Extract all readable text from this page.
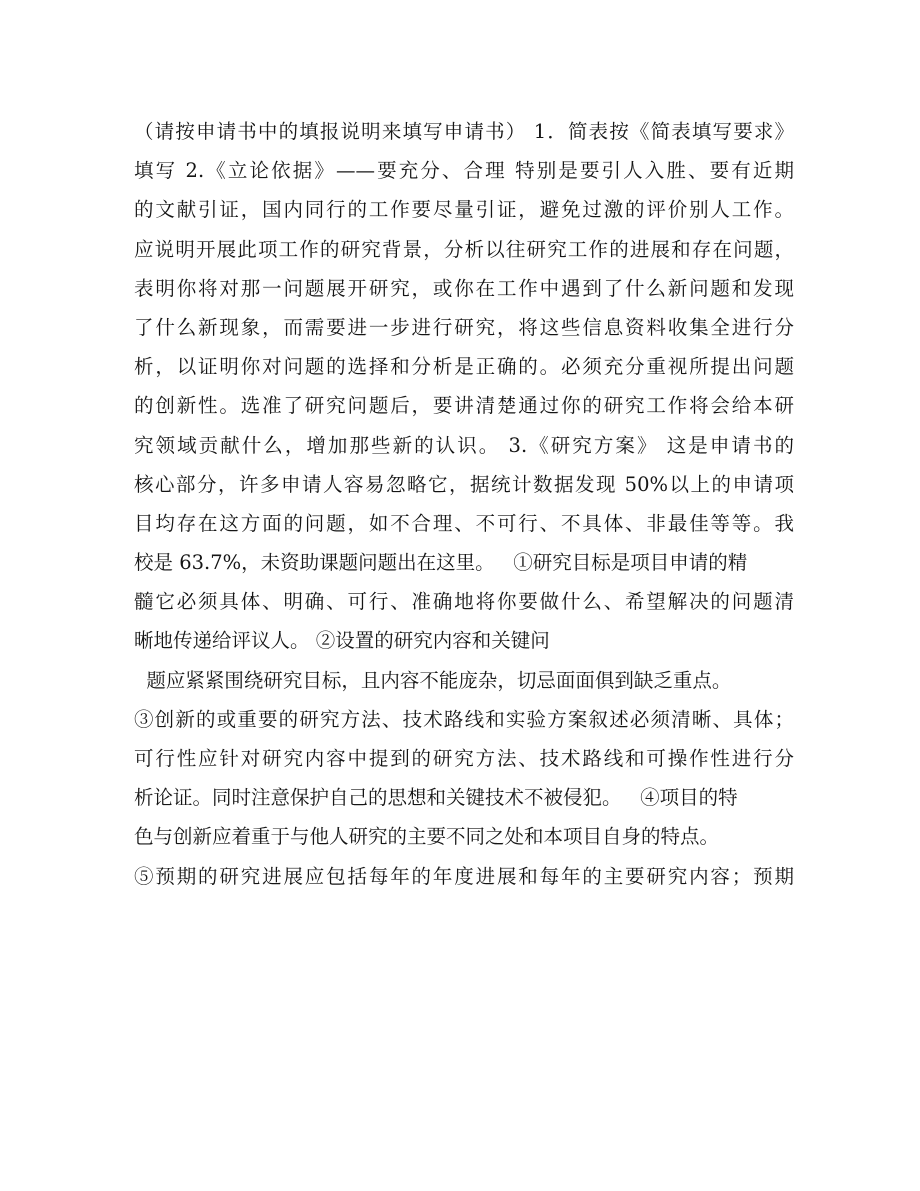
（请按申请书中的填报说明来填写申请书） 1．简表按《简表填写要求》
填写 2.《立论依据》——要充分、合理 特别是要引人入胜、要有近期
的文献引证，国内同行的工作要尽量引证，避免过激的评价别人工作。
应说明开展此项工作的研究背景，分析以往研究工作的进展和存在问题，
表明你将对那一问题展开研究，或你在工作中遇到了什么新问题和发现
了什么新现象，而需要进一步进行研究，将这些信息资料收集全进行分
析，以证明你对问题的选择和分析是正确的。必须充分重视所提出问题
的创新性。选准了研究问题后，要讲清楚通过你的研究工作将会给本研
究领域贡献什么，增加那些新的认识。 3.《研究方案》 这是申请书的
核心部分，许多申请人容易忽略它，据统计数据发现 50%以上的申请项
目均存在这方面的问题，如不合理、不可行、不具体、非最佳等等。我
校是 63.7%，未资助课题问题出在这里。   ①研究目标是项目申请的精
髓它必须具体、明确、可行、准确地将你要做什么、希望解决的问题清
晰地传递给评议人。 ②设置的研究内容和关键问
题应紧紧围绕研究目标，且内容不能庞杂，切忌面面俱到缺乏重点。
③创新的或重要的研究方法、技术路线和实验方案叙述必须清晰、具体；
可行性应针对研究内容中提到的研究方法、技术路线和可操作性进行分
析论证。同时注意保护自己的思想和关键技术不被侵犯。   ④项目的特
色与创新应着重于与他人研究的主要不同之处和本项目自身的特点。
⑤预期的研究进展应包括每年的年度进展和每年的主要研究内容；预期
